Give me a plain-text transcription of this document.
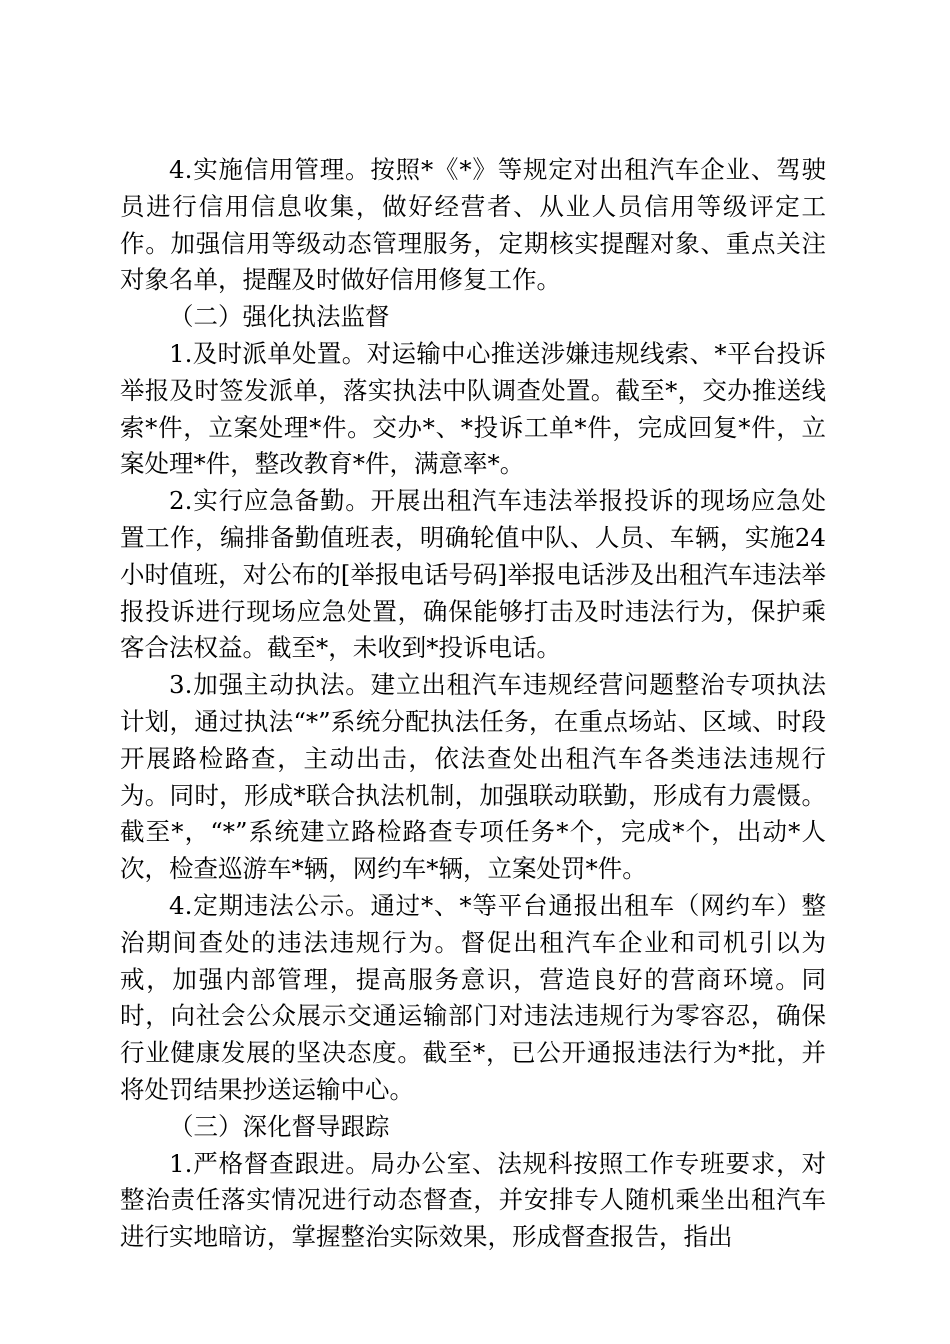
4.实施信用管理。按照*《*》等规定对出租汽车企业、驾驶员进行信用信息收集，做好经营者、从业人员信用等级评定工作。加强信用等级动态管理服务，定期核实提醒对象、重点关注对象名单，提醒及时做好信用修复工作。

（二）强化执法监督

1.及时派单处置。对运输中心推送涉嫌违规线索、*平台投诉举报及时签发派单，落实执法中队调查处置。截至*，交办推送线索*件，立案处理*件。交办*、*投诉工单*件，完成回复*件，立案处理*件，整改教育*件，满意率*。

2.实行应急备勤。开展出租汽车违法举报投诉的现场应急处置工作，编排备勤值班表，明确轮值中队、人员、车辆，实施24小时值班，对公布的[举报电话号码]举报电话涉及出租汽车违法举报投诉进行现场应急处置，确保能够打击及时违法行为，保护乘客合法权益。截至*，未收到*投诉电话。

3.加强主动执法。建立出租汽车违规经营问题整治专项执法计划，通过执法“*”系统分配执法任务，在重点场站、区域、时段开展路检路查，主动出击，依法查处出租汽车各类违法违规行为。同时，形成*联合执法机制，加强联动联勤，形成有力震慑。截至*，“*”系统建立路检路查专项任务*个，完成*个，出动*人次，检查巡游车*辆，网约车*辆，立案处罚*件。

4.定期违法公示。通过*、*等平台通报出租车（网约车）整治期间查处的违法违规行为。督促出租汽车企业和司机引以为戒，加强内部管理，提高服务意识，营造良好的营商环境。同时，向社会公众展示交通运输部门对违法违规行为零容忍，确保行业健康发展的坚决态度。截至*，已公开通报违法行为*批，并将处罚结果抄送运输中心。

（三）深化督导跟踪

1.严格督查跟进。局办公室、法规科按照工作专班要求，对整治责任落实情况进行动态督查，并安排专人随机乘坐出租汽车进行实地暗访，掌握整治实际效果，形成督查报告，指出
